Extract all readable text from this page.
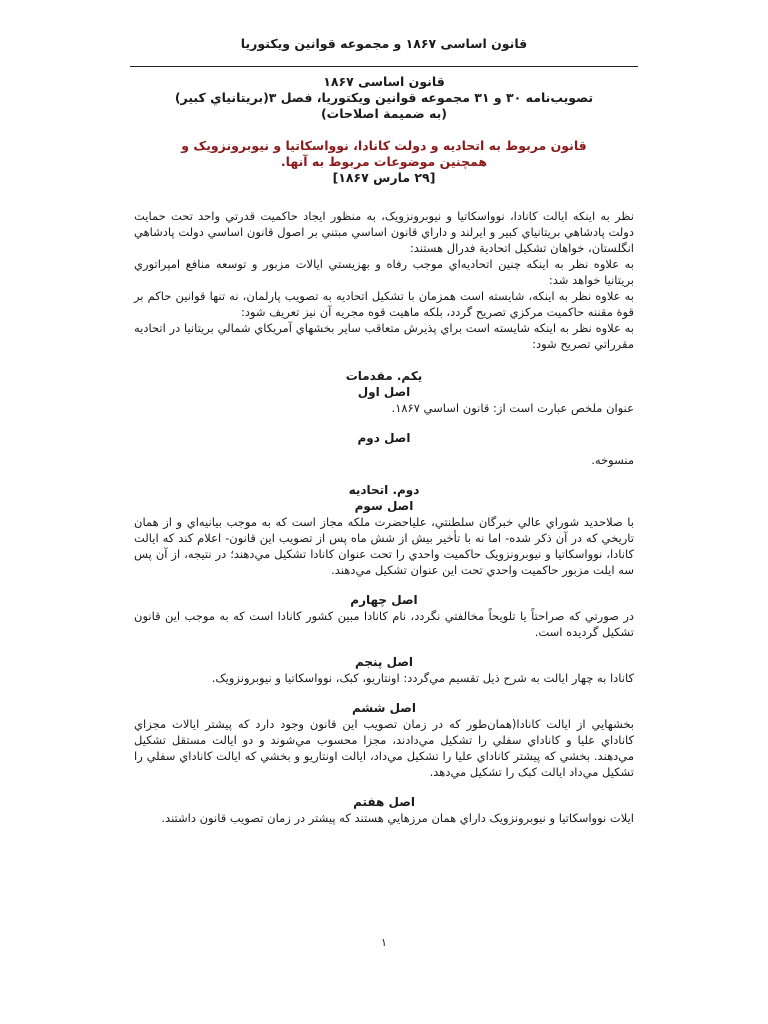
قانون اساسی ۱۸۶۷ و مجموعه قوانین ويكتوريا
قانون اساسی ۱۸۶۷
تصويب‌نامه ۳۰ و ۳۱ مجموعه قوانين ويكتوريا، فصل ۳(بريتانياي كبير)
(به ضميمة اصلاحات)
قانون مربوط به اتحاديه و دولت كانادا، نوواسكاتيا و نيوبرونزويک و
همچنين موضوعات مربوط به آنها.
[۲۹ مارس ۱۸۶۷]

نظر به اينكه ايالت كانادا، نوواسكاتيا و نيوبرونزويک، به منظور ايجاد حاكميت قدرتي واحد تحت حمايت دولت پادشاهي بريتانياي كبير و ايرلند و داراي قانون اساسي مبتني بر اصول قانون اساسي دولت پادشاهي انگلستان، خواهان تشكيل اتحادية فدرال هستند:

به علاوه نظر به اينكه چنين اتحاديه‌اي موجب رفاه و بهزيستي ايالات مزبور و توسعه منافع امپراتوري بريتانيا خواهد شد:

به علاوه نظر به اينكه، شايسته است همزمان با تشكيل اتحاديه به تصويب پارلمان، نه تنها قوانين حاكم بر قوة مقننه حاكميت مركزي تصريح گردد، بلكه ماهيت قوه مجريه آن نيز تعريف شود:

به علاوه نظر به اينكه شايسته است براي پذيرش متعاقب ساير بخشهاي آمريكاي شمالي بريتانيا در اتحاديه مقرراتي تصريح شود:

يكم. مقدمات
اصل اول

عنوان ملخص عبارت است از: قانون اساسي ۱۸۶۷.

اصل دوم

منسوخه.

دوم. اتحاديه
اصل سوم

با صلاحديد شوراي عالي خبرگان سلطنتي، علياحضرت ملكه مجاز است كه به موجب بيانيه‌اي و از همان تاريخي كه در آن ذكر شده- اما نه با تأخير بيش از شش ماه پس از تصويب اين قانون- اعلام كند كه ايالت كانادا، نوواسكاتيا و نيوبرونزويک حاكميت واحدي را تحت عنوان كانادا تشكيل مي‌دهند؛ در نتيجه، از آن پس سه ايلت مزبور حاكميت واحدي تحت اين عنوان تشكيل مي‌دهند.

اصل چهارم

در صورتي كه صراحتاً يا تلويحاً مخالفتي نگردد، نام كانادا مبين كشور كانادا است كه به موجب اين قانون تشكيل گرديده است.

اصل پنجم

كانادا به چهار ايالت به شرح ذيل تقسيم مي‌گردد: اونتاريو، كبک، نوواسكاتيا و نيوبرونزويک.

اصل ششم

بخشهايي از ايالت كانادا(همان‌طور كه در زمان تصويب اين قانون وجود دارد كه پيشتر ايالات مجزاي كاناداي عليا و كاناداي سفلي را تشكيل مي‌دادند، مجزا محسوب مي‌شوند و دو ايالت مستقل تشكيل مي‌دهند. بخشي كه پيشتر كاناداي عليا را تشكيل مي‌داد، ايالت اونتاريو و بخشي كه ايالت كاناداي سفلي را تشكيل مي‌داد ايالت كبک را تشكيل مي‌دهد.

اصل هفتم

ايلات نوواسكاتيا و نيوبرونزويک داراي همان مرزهايي هستند كه پيشتر در زمان تصويب قانون داشتند.

۱
